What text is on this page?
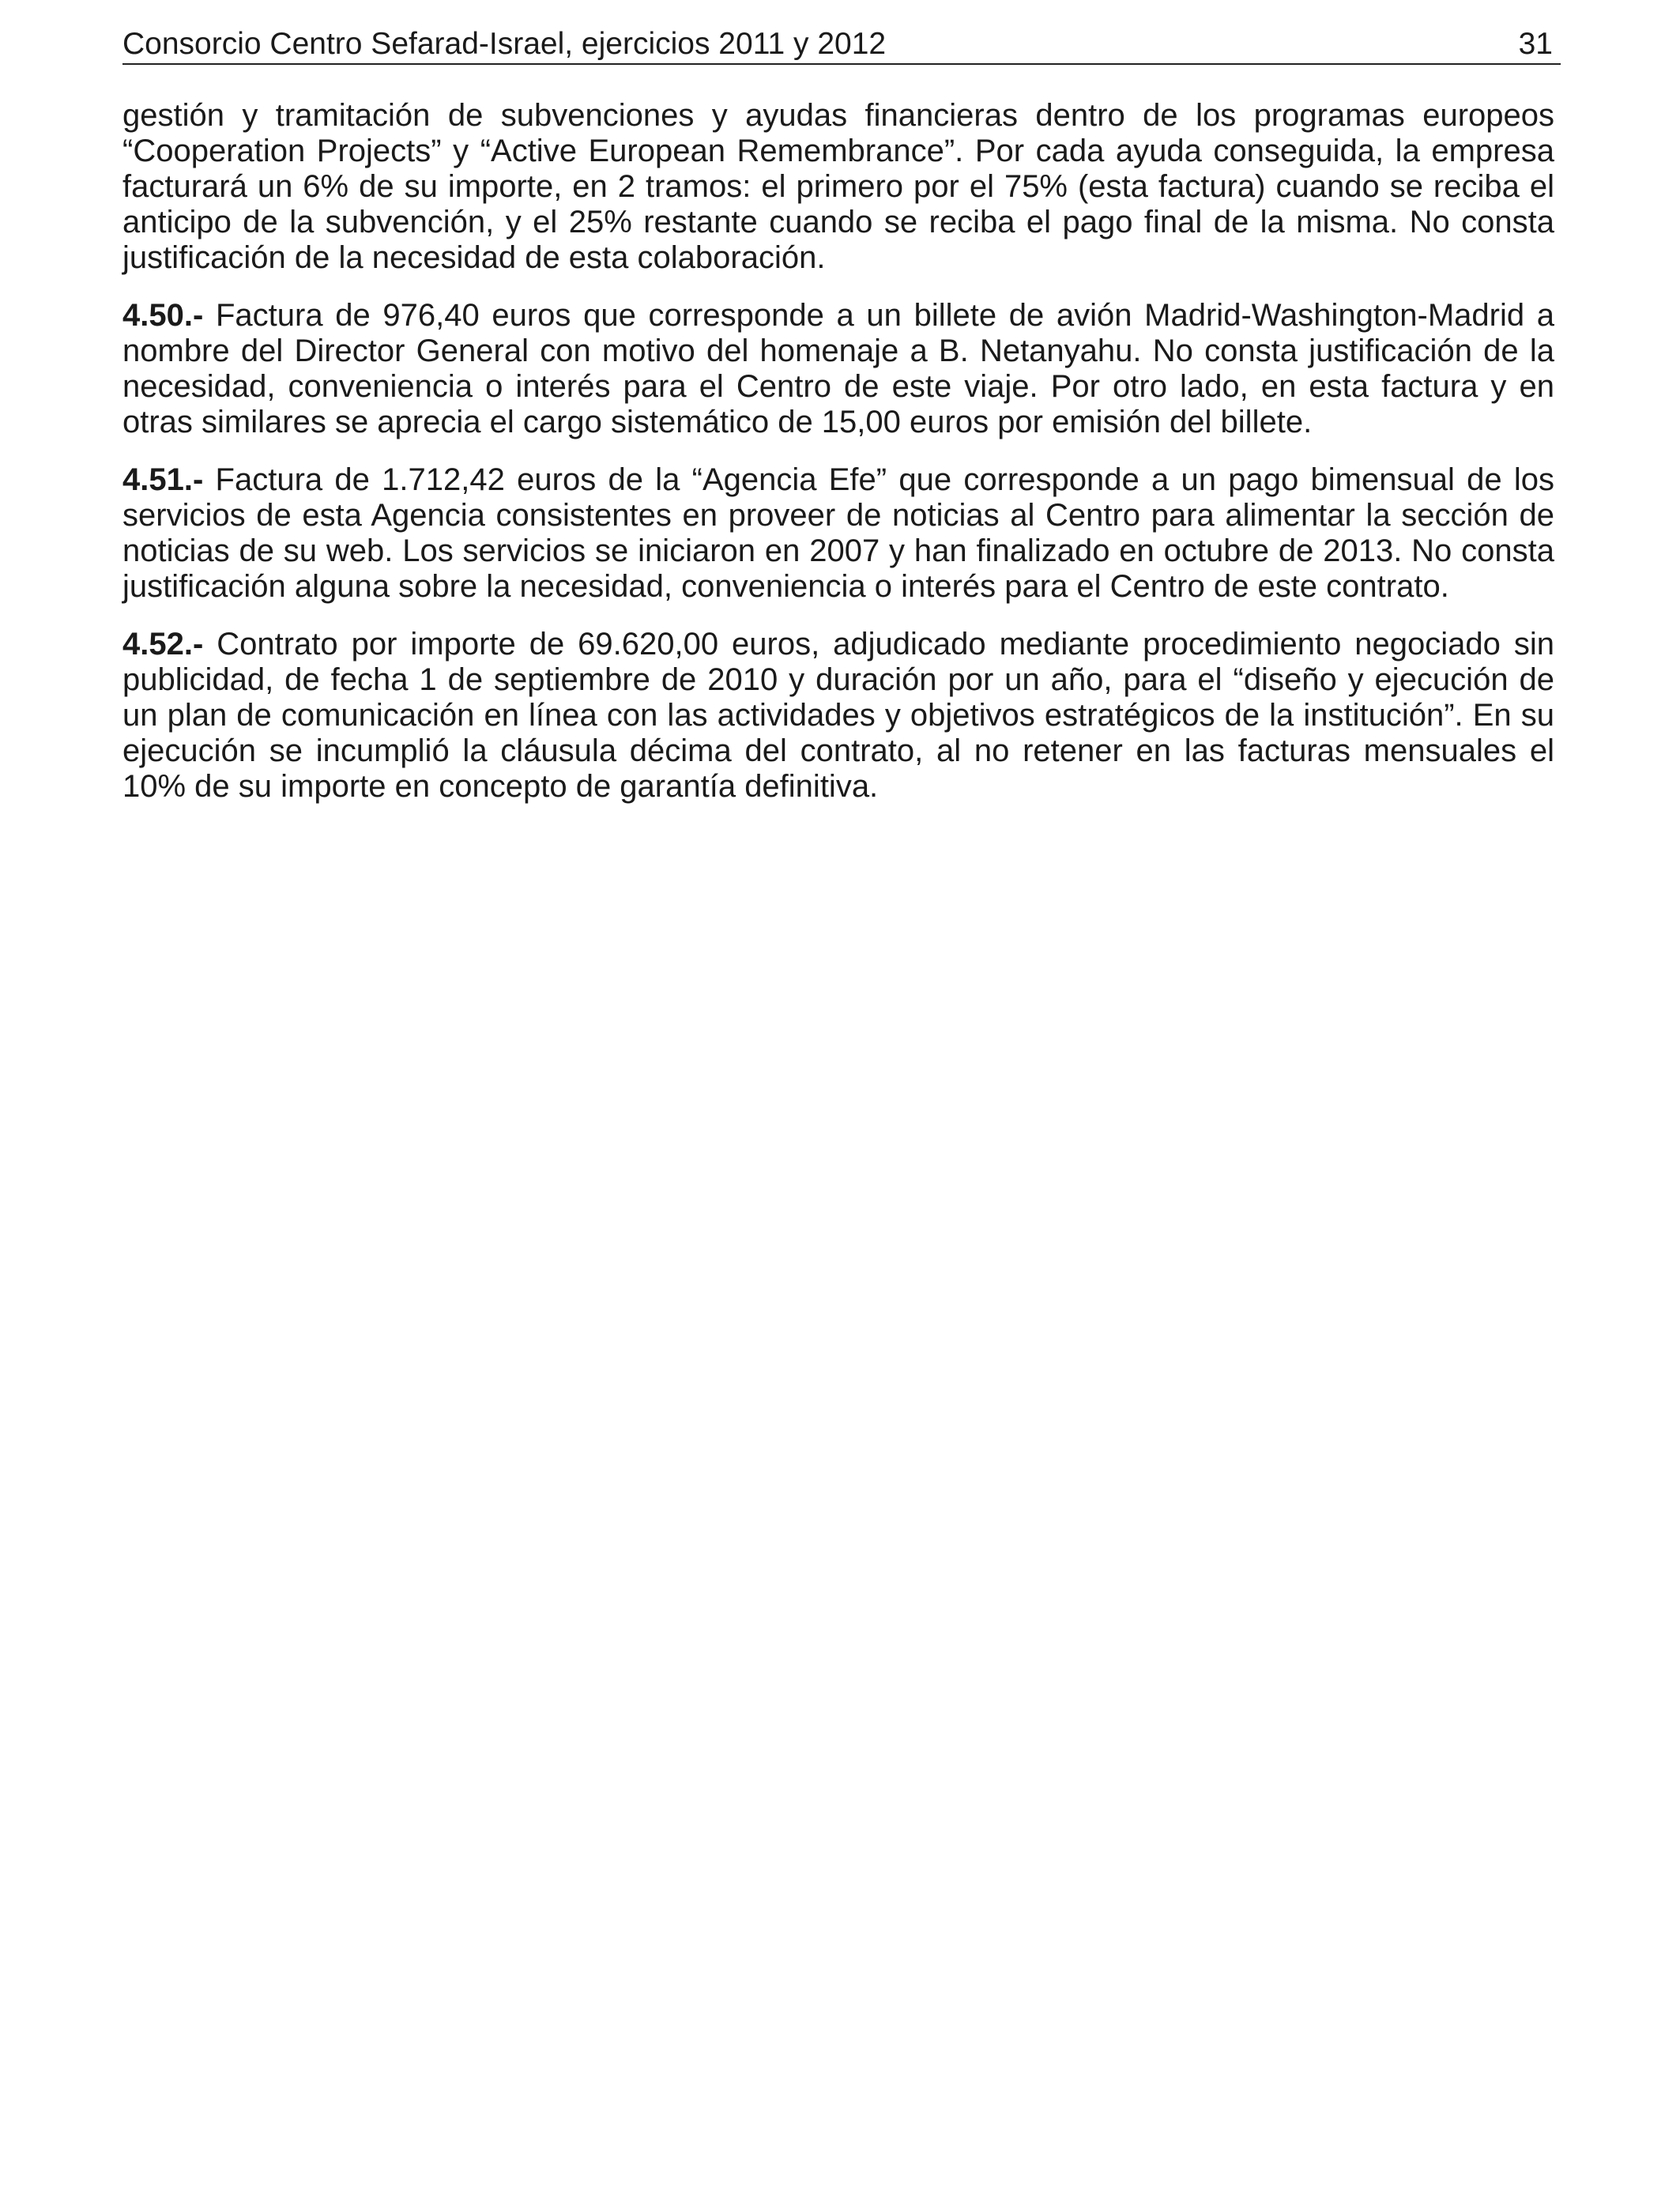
Consorcio Centro Sefarad-Israel, ejercicios 2011 y 2012	31

gestión y tramitación de subvenciones y ayudas financieras dentro de los programas europeos “Cooperation Projects” y “Active European Remembrance”. Por cada ayuda conseguida, la empresa facturará un 6% de su importe, en 2 tramos: el primero por el 75% (esta factura) cuando se reciba el anticipo de la subvención, y el 25% restante cuando se reciba el pago final de la misma. No consta justificación de la necesidad de esta colaboración.

4.50.- Factura de 976,40 euros que corresponde a un billete de avión Madrid-Washington-Madrid a nombre del Director General con motivo del homenaje a B. Netanyahu. No consta justificación de la necesidad, conveniencia o interés para el Centro de este viaje. Por otro lado, en esta factura y en otras similares se aprecia el cargo sistemático de 15,00 euros por emisión del billete.

4.51.- Factura de 1.712,42 euros de la “Agencia Efe” que corresponde a un pago bimensual de los servicios de esta Agencia consistentes en proveer de noticias al Centro para alimentar la sección de noticias de su web. Los servicios se iniciaron en 2007 y han finalizado en octubre de 2013. No consta justificación alguna sobre la necesidad, conveniencia o interés para el Centro de este contrato.

4.52.- Contrato por importe de 69.620,00 euros, adjudicado mediante procedimiento negociado sin publicidad, de fecha 1 de septiembre de 2010 y duración por un año, para el “diseño y ejecución de un plan de comunicación en línea con las actividades y objetivos estratégicos de la institución”. En su ejecución se incumplió la cláusula décima del contrato, al no retener en las facturas mensuales el 10% de su importe en concepto de garantía definitiva.
